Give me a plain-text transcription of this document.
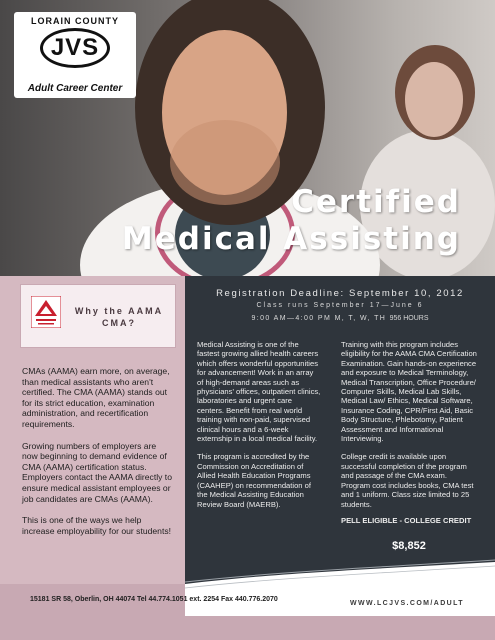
LORAIN COUNTY
JVS
Adult Career Center
Certified
Medical Assisting
Why the AAMA CMA?

CMAs (AAMA) earn more, on average, than medical assistants who aren't certified. The CMA (AAMA) stands out for its strict education, examination administration, and recertification requirements.

Growing numbers of employers are now beginning to demand evidence of CMA (AAMA) certification status. Employers contact the AAMA directly to ensure medical assistant employees or job candidates are CMAs (AAMA).

This is one of the ways we help increase employability for our students!

Registration Deadline: September 10, 2012
Class runs September 17—June 6
9:00 AM—4:00 PM M, T, W, TH 956 HOURS

Medical Assisting is one of the fastest growing allied health careers which offers wonderful opportunities for advancement! Work in an array of high-demand areas such as physicians' offices, outpatient clinics, laboratories and urgent care centers. Benefit from real world training with non-paid, supervised clinical hours and a 6-week externship in a local medical facility.

This program is accredited by the Commission on Accreditation of Allied Health Education Programs (CAAHEP) on recommendation of the Medical Assisting Education Review Board (MAERB).

Training with this program includes eligibility for the AAMA CMA Certification Examination. Gain hands-on experience and exposure to Medical Terminology, Medical Transcription, Office Procedure/ Computer Skills, Medical Lab Skills, Medical Law/ Ethics, Medical Software, Insurance Coding, CPR/First Aid, Basic Body Structure, Phlebotomy, Patient Assessment and Informational Interviewing.

College credit is available upon successful completion of the program and passage of the CMA exam. Program cost includes books, CMA test and 1 uniform. Class size limited to 25 students.

PELL ELIGIBLE - COLLEGE CREDIT
$8,852
15181 SR 58, Oberlin, OH 44074 Tel 44.774.1051 ext. 2254 Fax 440.776.2070
WWW.LCJVS.COM/ADULT
